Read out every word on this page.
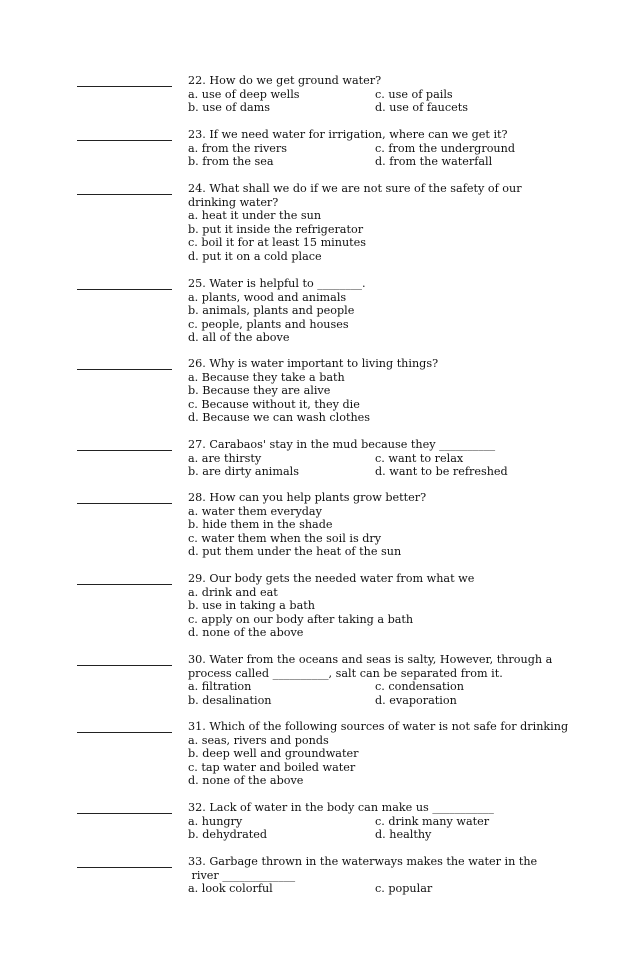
22. How do we get ground water?
a. use of deep wells	c. use of pails
b. use of dams	d. use of faucets
23. If we need water for irrigation, where can we get it?
a. from the rivers	c. from the underground
b. from the sea	d. from the waterfall
24. What shall we do if we are not sure of the safety of our
drinking water?
a. heat it under the sun
b. put it inside the refrigerator
c. boil it for at least 15 minutes
d. put it on a cold place
25. Water is helpful to ________.
a. plants, wood and animals
b. animals, plants and people
c. people, plants and houses
d. all of the above
26. Why is water important to living things?
a. Because they take a bath
b. Because they are alive
c. Because without it, they die
d. Because we can wash clothes
27. Carabaos' stay in the mud because they __________
a. are thirsty	c. want to relax
b. are dirty animals	d. want to be refreshed
28. How can you help plants grow better?
a. water them everyday
b. hide them in the shade
c. water them when the soil is dry
d. put them under the heat of the sun
29. Our body gets the needed water from what we
a. drink and eat
b. use in taking a bath
c. apply on our body after taking a bath
d. none of the above
30. Water from the oceans and seas is salty, However, through a
process called __________, salt can be separated from it.
a. filtration	c. condensation
b. desalination	d. evaporation
31. Which of the following sources of water is not safe for drinking
a. seas, rivers and ponds
b. deep well and groundwater
c. tap water and boiled water
d. none of the above
32. Lack of water in the body can make us ___________
a. hungry	c. drink many water
b. dehydrated	d. healthy
33. Garbage thrown in the waterways makes the water in the
river _____________
a. look colorful	c. popular
